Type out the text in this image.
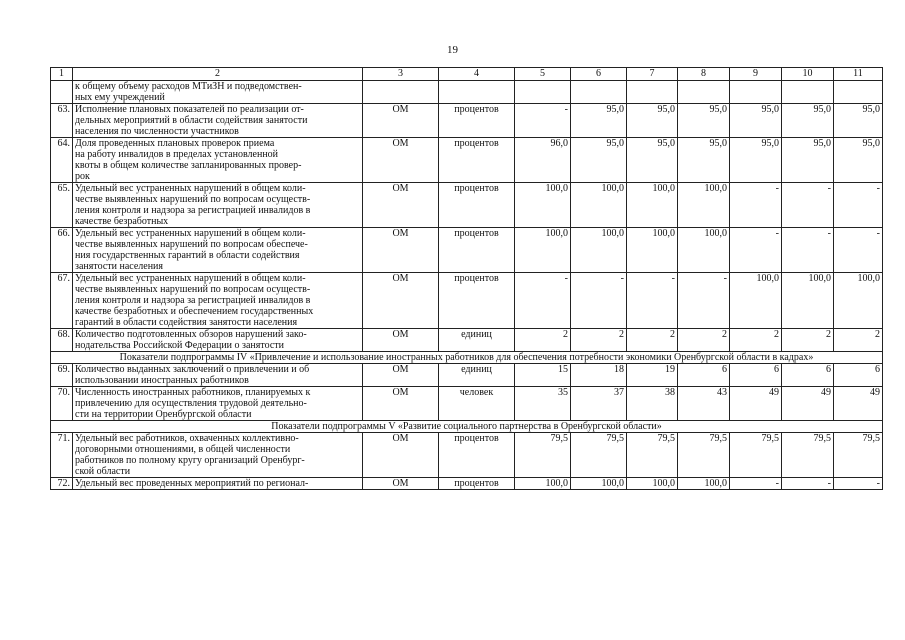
19
1	2	3	4	5	6	7	8	9	10	11

	к общему объему расходов МТиЗН и подведомствен-
ных ему учреждений									

63.	Исполнение плановых показателей по реализации от-
дельных мероприятий в области содействия занятости
населения по численности участников	ОМ	процентов	-	95,0	95,0	95,0	95,0	95,0	95,0
64.	Доля проведенных плановых проверок приема
на работу инвалидов в пределах установленной
квоты в общем количестве запланированных провер-
рок	ОМ	процентов	96,0	95,0	95,0	95,0	95,0	95,0	95,0
65.	Удельный вес устраненных нарушений в общем коли-
честве выявленных нарушений по вопросам осуществ-
ления контроля и надзора за регистрацией инвалидов в
качестве безработных	ОМ	процентов	100,0	100,0	100,0	100,0	-	-	-
66.	Удельный вес устраненных нарушений в общем коли-
честве выявленных нарушений по вопросам обеспече-
ния государственных гарантий в области содействия
занятости населения	ОМ	процентов	100,0	100,0	100,0	100,0	-	-	-
67.	Удельный вес устраненных нарушений в общем коли-
честве выявленных нарушений по вопросам осуществ-
ления контроля и надзора за регистрацией инвалидов в
качестве безработных и обеспечением государственных
гарантий в области содействия занятости населения	ОМ	процентов	-	-	-	-	100,0	100,0	100,0
68.	Количество подготовленных обзоров нарушений зако-
нодательства Российской Федерации о занятости	ОМ	единиц	2	2	2	2	2	2	2
Показатели подпрограммы IV «Привлечение и использование иностранных работников для обеспечения потребности экономики Оренбургской области в кадрах»										
69.	Количество выданных заключений о привлечении и об
использовании иностранных работников	ОМ	единиц	15	18	19	6	6	6	6
70.	Численность иностранных работников, планируемых к
привлечению для осуществления трудовой деятельно-
сти на территории Оренбургской области	ОМ	человек	35	37	38	43	49	49	49
Показатели подпрограммы V «Развитие социального партнерства в Оренбургской области»										
71.	Удельный вес работников, охваченных коллективно-
договорными отношениями, в общей численности
работников по полному кругу организаций Оренбург-
ской области	ОМ	процентов	79,5	79,5	79,5	79,5	79,5	79,5	79,5
72.	Удельный вес проведенных мероприятий по регионал-	ОМ	процентов	100,0	100,0	100,0	100,0	-	-	-
